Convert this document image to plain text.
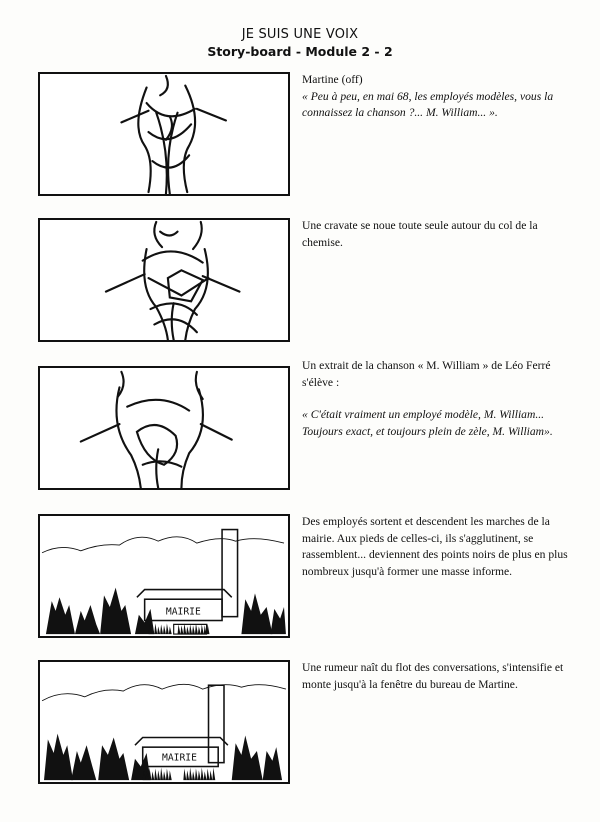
JE SUIS UNE VOIX
Story-board - Module 2 - 2

Martine (off)

« Peu à peu, en mai 68, les employés modèles, vous la connaissez la chanson ?... M. William... ».

Une cravate se noue toute seule autour du col de la chemise.

Un extrait de la chanson « M. William » de Léo Ferré s'élève :

« C'était vraiment un employé modèle, M. William... Toujours exact, et toujours plein de zèle, M. William».

MAIRIE

Des employés sortent et descendent les marches de la mairie. Aux pieds de celles-ci, ils s'agglutinent, se rassemblent... deviennent des points noirs de plus en plus nombreux jusqu'à former une masse informe.

MAIRIE

Une rumeur naît du flot des conversations, s'intensifie et monte jusqu'à la fenêtre du bureau de Martine.
